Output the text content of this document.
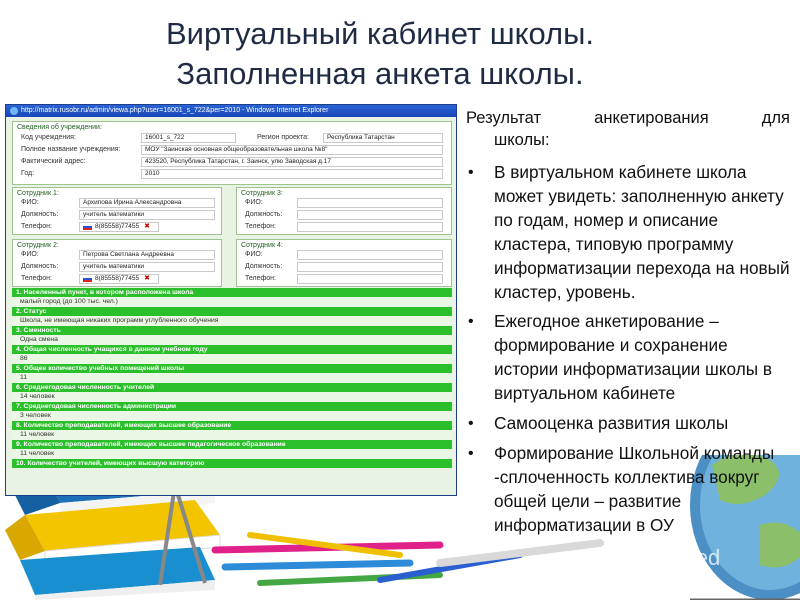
Виртуальный кабинет школы.
Заполненная анкета школы.
MyShared
http://matrix.rusobr.ru/admin/viewa.php?user=16001_s_722&per=2010 - Windows Internet Explorer
Сведения об учреждении:
Код учреждения:	16001_s_722	Регион проекта:	Республика Татарстан
Полное название учреждения:	МОУ "Заинская основная общеобразовательная школа №8"
Фактический адрес:	423520, Республика Татарстан, г. Заинск, улю Заводская д.17
Год:	2010
Сотрудник 1:
ФИО:	Архипова Ирина Александровна
Должность:	учитель математики
Телефон:	8(85558)77455 ✖
Сотрудник 3:
ФИО:
Должность:
Телефон:
Сотрудник 2:
ФИО:	Петрова Светлана Андреевна
Должность:	учитель математики
Телефон:	8(85558)77455 ✖
Сотрудник 4:
ФИО:
Должность:
Телефон:
1. Населенный пункт, в котором расположена школа
малый город (до 100 тыс. чел.)
2. Статус
Школа, не имеющая никаких программ углубленного обучения
3. Сменность
Одна смена
4. Общая численность учащихся в данном учебном году
86
5. Общее количество учебных помещений школы
11
6. Среднегодовая численность учителей
14 человек
7. Среднегодовая численность администрации
3 человек
8. Количество преподавателей, имеющих высшее образование
11 человек
9. Количество преподавателей, имеющих высшее педагогическое образование
11 человек
10. Количество учителей, имеющих высшую категорию
Результат анкетирования для
школы:
• В виртуальном кабинете школа может увидеть: заполненную анкету по годам, номер и описание кластера, типовую программу информатизации перехода на новый кластер, уровень.
• Ежегодное анкетирование – формирование и сохранение истории информатизации школы в виртуальном кабинете
• Самооценка развития школы
• Формирование Школьной команды -сплоченность коллектива вокруг общей цели – развитие информатизации в ОУ
